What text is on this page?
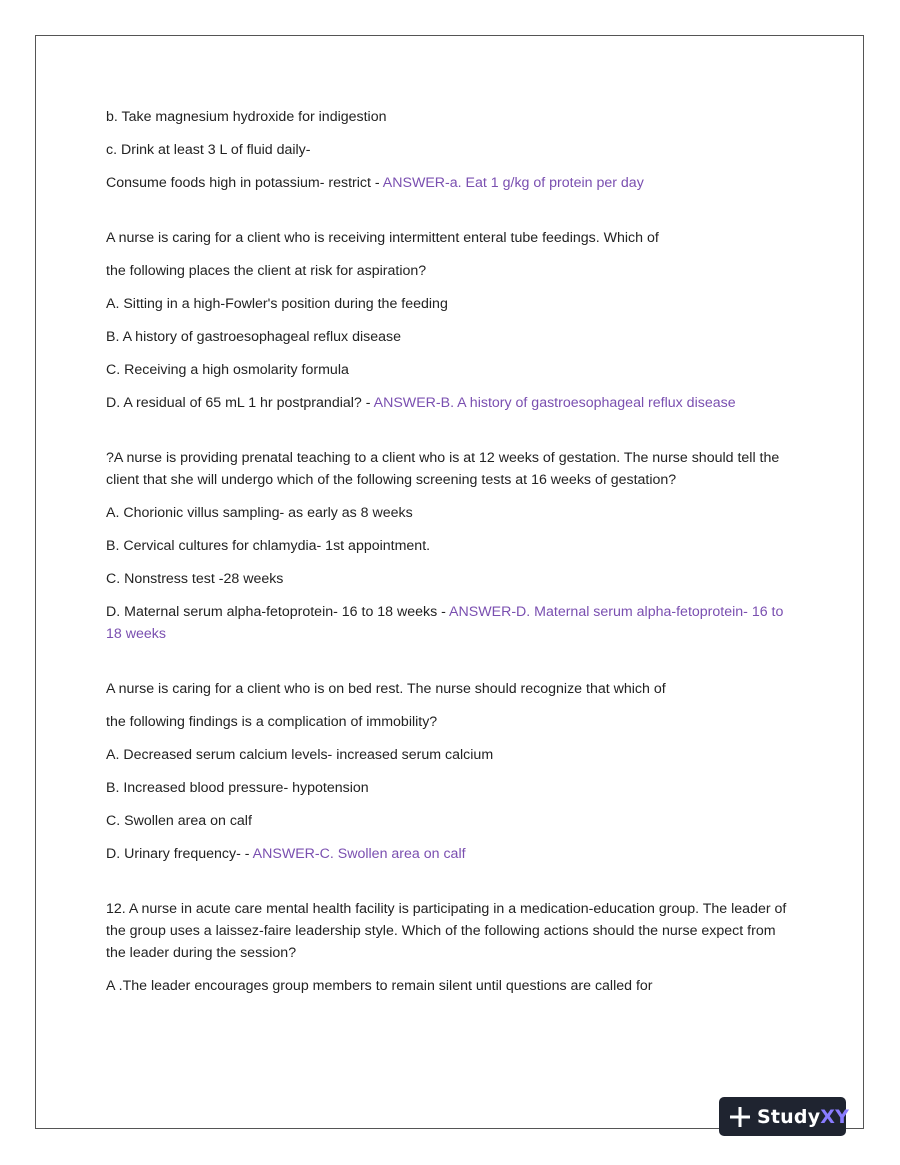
b. Take magnesium hydroxide for indigestion

c. Drink at least 3 L of fluid daily-

Consume foods high in potassium- restrict - ANSWER-a. Eat 1 g/kg of protein per day

A nurse is caring for a client who is receiving intermittent enteral tube feedings. Which of

the following places the client at risk for aspiration?

A. Sitting in a high-Fowler's position during the feeding

B. A history of gastroesophageal reflux disease

C. Receiving a high osmolarity formula

D. A residual of 65 mL 1 hr postprandial? - ANSWER-B. A history of gastroesophageal reflux disease

?A nurse is providing prenatal teaching to a client who is at 12 weeks of gestation. The nurse should tell the client that she will undergo which of the following screening tests at 16 weeks of gestation?

A. Chorionic villus sampling- as early as 8 weeks

B. Cervical cultures for chlamydia- 1st appointment.

C. Nonstress test -28 weeks

D. Maternal serum alpha-fetoprotein- 16 to 18 weeks - ANSWER-D. Maternal serum alpha-fetoprotein- 16 to 18 weeks

A nurse is caring for a client who is on bed rest. The nurse should recognize that which of

the following findings is a complication of immobility?

A. Decreased serum calcium levels- increased serum calcium

B. Increased blood pressure- hypotension

C. Swollen area on calf

D. Urinary frequency- - ANSWER-C. Swollen area on calf

12. A nurse in acute care mental health facility is participating in a medication-education group. The leader of the group uses a laissez-faire leadership style. Which of the following actions should the nurse expect from the leader during the session?

A .The leader encourages group members to remain silent until questions are called for

StudyXY
